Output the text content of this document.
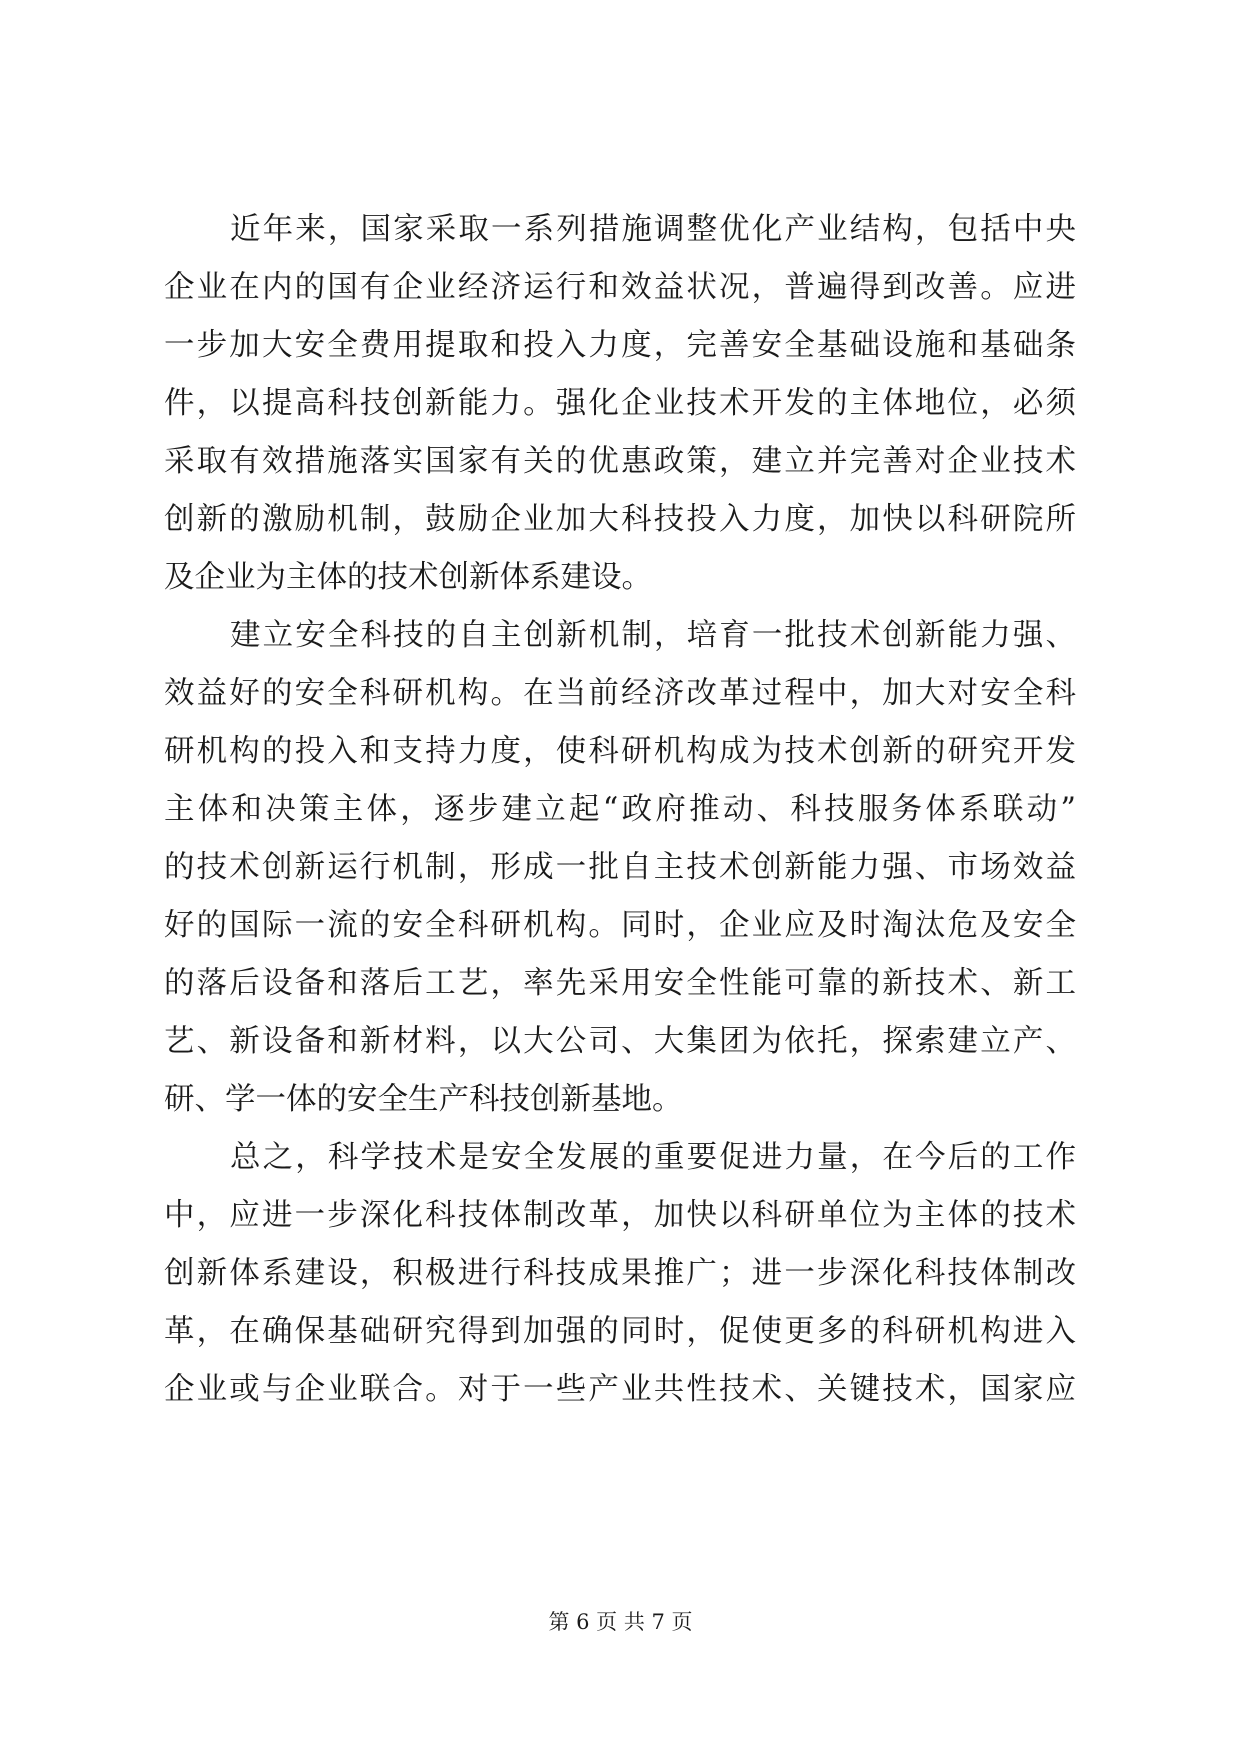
近年来，国家采取一系列措施调整优化产业结构，包括中央
企业在内的国有企业经济运行和效益状况，普遍得到改善。应进
一步加大安全费用提取和投入力度，完善安全基础设施和基础条
件，以提高科技创新能力。强化企业技术开发的主体地位，必须
采取有效措施落实国家有关的优惠政策，建立并完善对企业技术
创新的激励机制，鼓励企业加大科技投入力度，加快以科研院所
及企业为主体的技术创新体系建设。
建立安全科技的自主创新机制，培育一批技术创新能力强、
效益好的安全科研机构。在当前经济改革过程中，加大对安全科
研机构的投入和支持力度，使科研机构成为技术创新的研究开发
主体和决策主体，逐步建立起“政府推动、科技服务体系联动”
的技术创新运行机制，形成一批自主技术创新能力强、市场效益
好的国际一流的安全科研机构。同时，企业应及时淘汰危及安全
的落后设备和落后工艺，率先采用安全性能可靠的新技术、新工
艺、新设备和新材料，以大公司、大集团为依托，探索建立产、
研、学一体的安全生产科技创新基地。
总之，科学技术是安全发展的重要促进力量，在今后的工作
中，应进一步深化科技体制改革，加快以科研单位为主体的技术
创新体系建设，积极进行科技成果推广；进一步深化科技体制改
革，在确保基础研究得到加强的同时，促使更多的科研机构进入
企业或与企业联合。对于一些产业共性技术、关键技术，国家应
第 6 页 共 7 页
